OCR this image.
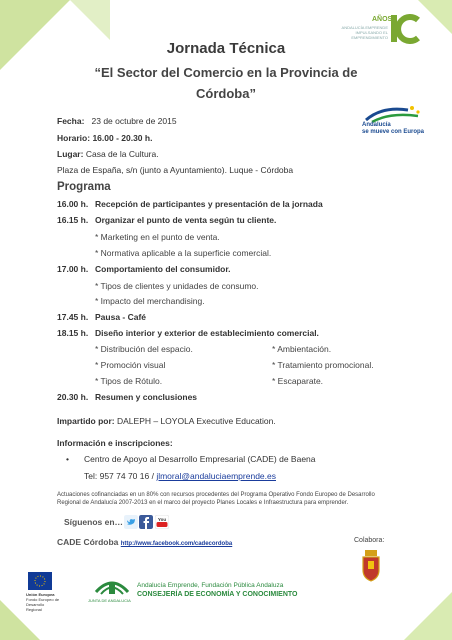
AÑOS
ANDALUCÍA EMPRENDE IMPULSANDO EL EMPRENDIMIENTO
Jornada Técnica
“El Sector del Comercio en la Provincia de
Córdoba”
Andalucía
se mueve con Europa
Fecha: 23 de octubre de 2015
Horario: 16.00 - 20.30 h.
Lugar: Casa de la Cultura.
Plaza de España, s/n (junto a Ayuntamiento). Luque - Córdoba
Programa
16.00 h. Recepción de participantes y presentación de la jornada
16.15 h. Organizar el punto de venta según tu cliente.
* Marketing en el punto de venta.
* Normativa aplicable a la superficie comercial.
17.00 h. Comportamiento del consumidor.
* Tipos de clientes y unidades de consumo.
* Impacto del merchandising.
17.45 h. Pausa - Café
18.15 h. Diseño interior y exterior de establecimiento comercial.
* Distribución del espacio.
* Promoción visual
* Tipos de Rótulo.
* Ambientación.
* Tratamiento promocional.
* Escaparate.
20.30 h. Resumen y conclusiones
Impartido por: DALEPH – LOYOLA Executive Education.
Información e inscripciones:
• Centro de Apoyo al Desarrollo Empresarial (CADE) de Baena
Tel: 957 74 70 16 / jlmoral@andaluciaemprende.es
Actuaciones cofinanciadas en un 80% con recursos procedentes del Programa Operativo Fondo Europeo de Desarrollo
Regional de Andalucía 2007-2013 en el marco del proyecto Planes Locales e Infraestructura para emprender.
Síguenos en…	You
CADE Córdoba http://www.facebook.com/cadecordoba	Colabora:
Unión Europea
Fondo Europeo de Desarrollo Regional
JUNTA DE ANDALUCIA
Andalucía Emprende, Fundación Pública Andaluza
CONSEJERÍA DE ECONOMÍA Y CONOCIMIENTO
